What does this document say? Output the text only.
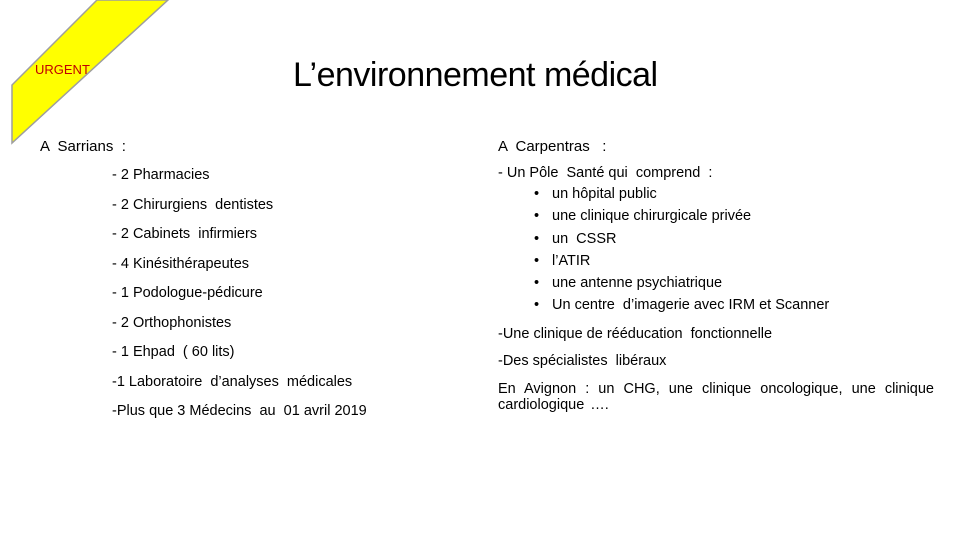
URGENT	L’environnement médical
A  Sarrians  :
- 2 Pharmacies
- 2 Chirurgiens  dentistes
- 2 Cabinets  infirmiers
- 4 Kinésithérapeutes
- 1 Podologue-pédicure
- 2 Orthophonistes
- 1 Ehpad  ( 60 lits)
-1 Laboratoire  d’analyses  médicales
-Plus que 3 Médecins  au  01 avril 2019
A  Carpentras   :
- Un Pôle  Santé qui  comprend  :
• un hôpital public
• une clinique chirurgicale privée
• un  CSSR
• l’ATIR
• une antenne psychiatrique
• Un centre  d’imagerie avec IRM et Scanner
-Une clinique de rééducation  fonctionnelle
-Des spécialistes  libéraux
En Avignon : un CHG, une clinique oncologique, une clinique cardiologique ….
